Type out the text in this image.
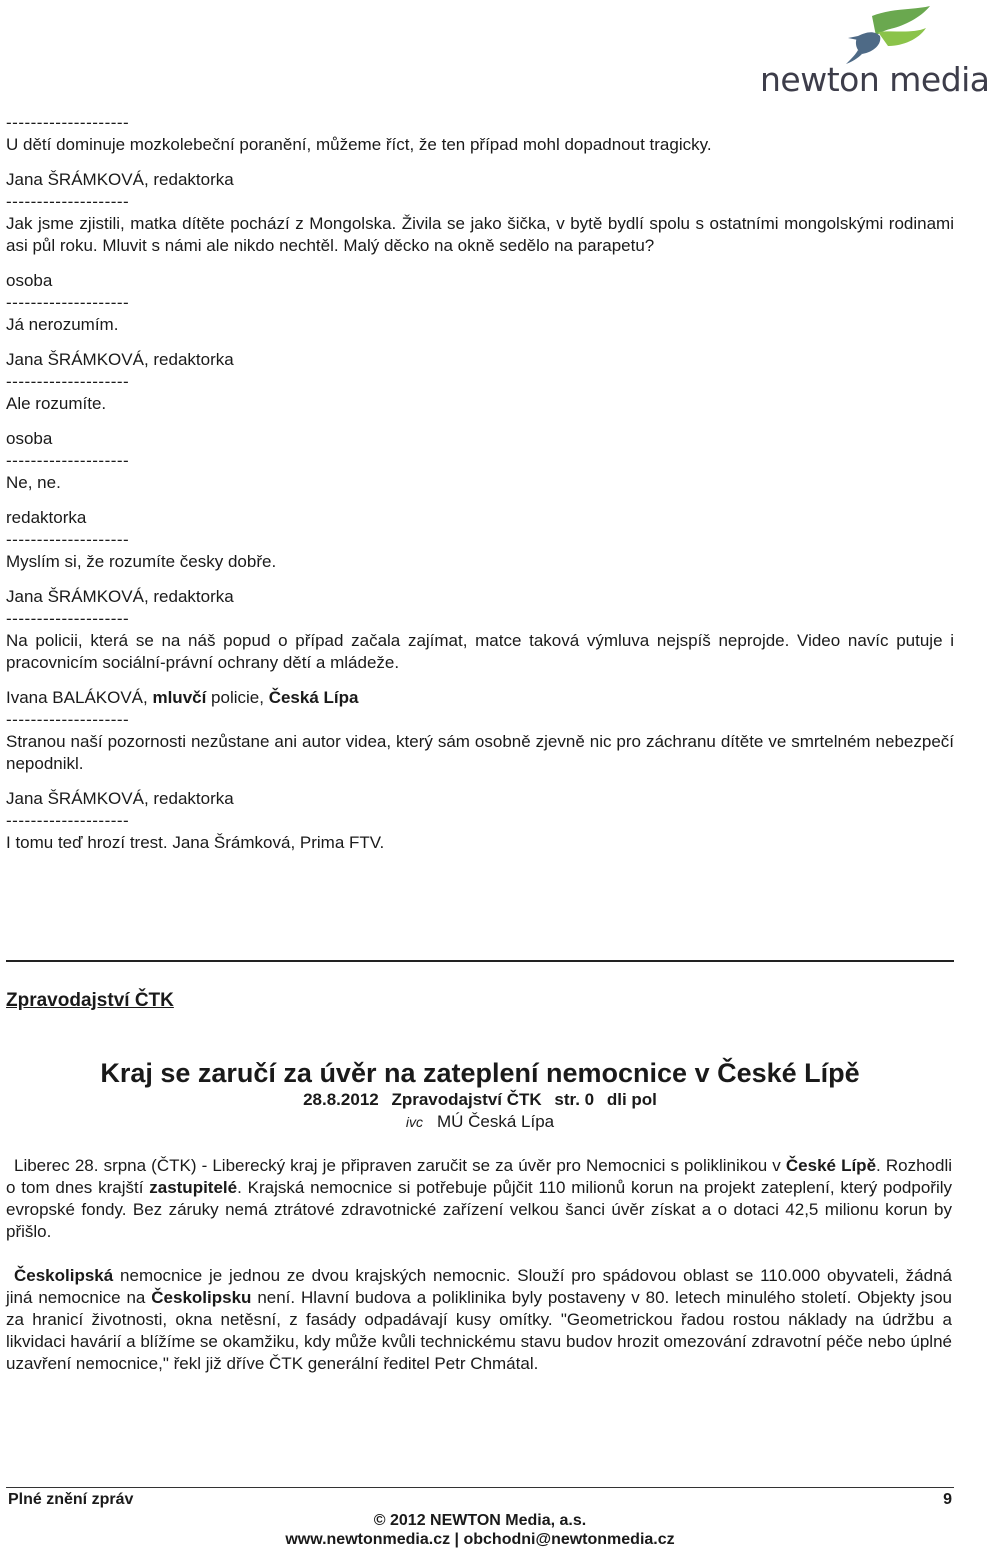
newton media
--------------------
U dětí dominuje mozkolebeční poranění, můžeme říct, že ten případ mohl dopadnout tragicky.
Jana ŠRÁMKOVÁ, redaktorka
--------------------
Jak jsme zjistili, matka dítěte pochází z Mongolska. Živila se jako šička, v bytě bydlí spolu s ostatními mongolskými rodinami asi půl roku. Mluvit s námi ale nikdo nechtěl. Malý děcko na okně sedělo na parapetu?
osoba
--------------------
Já nerozumím.
Jana ŠRÁMKOVÁ, redaktorka
--------------------
Ale rozumíte.
osoba
--------------------
Ne, ne.
redaktorka
--------------------
Myslím si, že rozumíte česky dobře.
Jana ŠRÁMKOVÁ, redaktorka
--------------------
Na policii, která se na náš popud o případ začala zajímat, matce taková výmluva nejspíš neprojde. Video navíc putuje i pracovnicím sociální-právní ochrany dětí a mládeže.
Ivana BALÁKOVÁ, mluvčí policie, Česká Lípa
--------------------
Stranou naší pozornosti nezůstane ani autor videa, který sám osobně zjevně nic pro záchranu dítěte ve smrtelném nebezpečí nepodnikl.
Jana ŠRÁMKOVÁ, redaktorka
--------------------
I tomu teď hrozí trest. Jana Šrámková, Prima FTV.
Zpravodajství ČTK
Kraj se zaručí za úvěr na zateplení nemocnice v České Lípě
28.8.2012 Zpravodajství ČTK str. 0 dli pol
ivc MÚ Česká Lípa
Liberec 28. srpna (ČTK) - Liberecký kraj je připraven zaručit se za úvěr pro Nemocnici s poliklinikou v České Lípě. Rozhodli o tom dnes krajští zastupitelé. Krajská nemocnice si potřebuje půjčit 110 milionů korun na projekt zateplení, který podpořily evropské fondy. Bez záruky nemá ztrátové zdravotnické zařízení velkou šanci úvěr získat a o dotaci 42,5 milionu korun by přišlo.
Českolipská nemocnice je jednou ze dvou krajských nemocnic. Slouží pro spádovou oblast se 110.000 obyvateli, žádná jiná nemocnice na Českolipsku není. Hlavní budova a poliklinika byly postaveny v 80. letech minulého století. Objekty jsou za hranicí životnosti, okna netěsní, z fasády odpadávají kusy omítky. "Geometrickou řadou rostou náklady na údržbu a likvidaci havárií a blížíme se okamžiku, kdy může kvůli technickému stavu budov hrozit omezování zdravotní péče nebo úplné uzavření nemocnice," řekl již dříve ČTK generální ředitel Petr Chmátal.
Plné znění zpráv	9
© 2012 NEWTON Media, a.s.
www.newtonmedia.cz | obchodni@newtonmedia.cz
